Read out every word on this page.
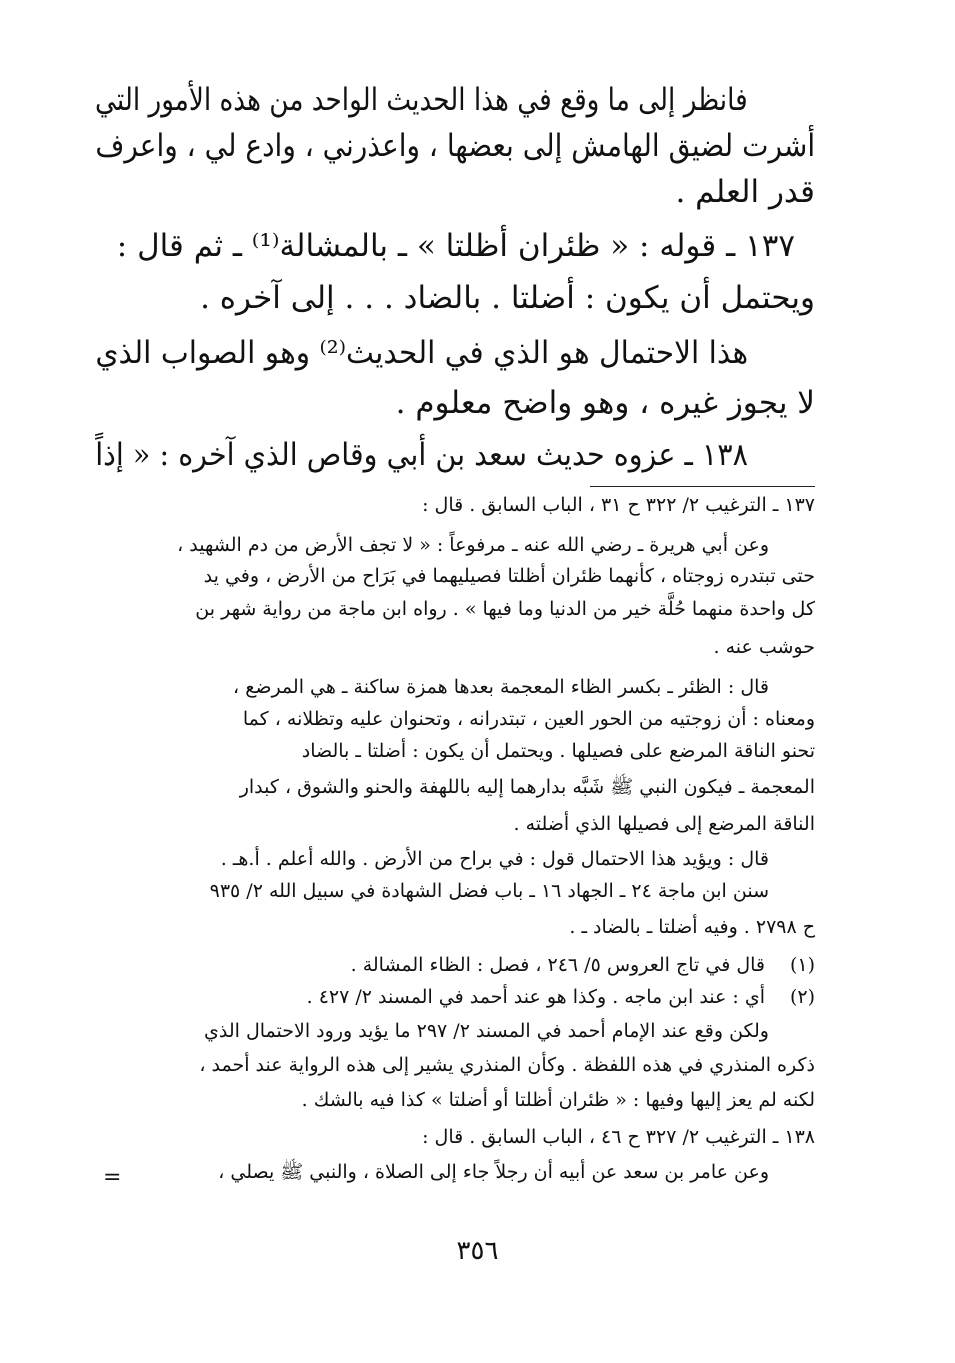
فانظر إلى ما وقع في هذا الحديث الواحد من هذه الأمور التي
أشرت لضيق الهامش إلى بعضها ، واعذرني ، وادع لي ، واعرف
قدر العلم .
١٣٧ ـ قوله : « ظئران أظلتا » ـ بالمشالة⁽¹⁾ ـ ثم قال :
ويحتمل أن يكون : أضلتا . بالضاد . . . إلى آخره .
هذا الاحتمال هو الذي في الحديث⁽²⁾ وهو الصواب الذي
لا يجوز غيره ، وهو واضح معلوم .
١٣٨ ـ عزوه حديث سعد بن أبي وقاص الذي آخره : « إذاً
١٣٧ ـ الترغيب ٢/ ٣٢٢ ح ٣١ ، الباب السابق . قال :
وعن أبي هريرة ـ رضي الله عنه ـ مرفوعاً : « لا تجف الأرض من دم الشهيد ،
حتى تبتدره زوجتاه ، كأنهما ظئران أظلتا فصيليهما في بَرَاح من الأرض ، وفي يد
كل واحدة منهما حُلَّة خير من الدنيا وما فيها » . رواه ابن ماجة من رواية شهر بن
حوشب عنه .
قال : الظئر ـ بكسر الظاء المعجمة بعدها همزة ساكنة ـ هي المرضع ،
ومعناه : أن زوجتيه من الحور العين ، تبتدرانه ، وتحنوان عليه وتظلانه ، كما
تحنو الناقة المرضع على فصيلها . ويحتمل أن يكون : أضلتا ـ بالضاد
المعجمة ـ فيكون النبي ﷺ شَبَّه بدارهما إليه باللهفة والحنو والشوق ، كبدار
الناقة المرضع إلى فصيلها الذي أضلته .
قال : ويؤيد هذا الاحتمال قول : في براح من الأرض . والله أعلم . أ.هـ .
سنن ابن ماجة ٢٤ ـ الجهاد ١٦ ـ باب فضل الشهادة في سبيل الله ٢/ ٩٣٥
ح ٢٧٩٨ . وفيه أضلتا ـ بالضاد ـ .
(١)
قال في تاج العروس ٥/ ٢٤٦ ، فصل : الظاء المشالة .
(٢)
أي : عند ابن ماجه . وكذا هو عند أحمد في المسند ٢/ ٤٢٧ .
ولكن وقع عند الإمام أحمد في المسند ٢/ ٢٩٧ ما يؤيد ورود الاحتمال الذي
ذكره المنذري في هذه اللفظة . وكأن المنذري يشير إلى هذه الرواية عند أحمد ،
لكنه لم يعز إليها وفيها : « ظئران أظلتا أو أضلتا » كذا فيه بالشك .
١٣٨ ـ الترغيب ٢/ ٣٢٧ ح ٤٦ ، الباب السابق . قال :
وعن عامر بن سعد عن أبيه أن رجلاً جاء إلى الصلاة ، والنبي ﷺ يصلي ،
=
٣٥٦
